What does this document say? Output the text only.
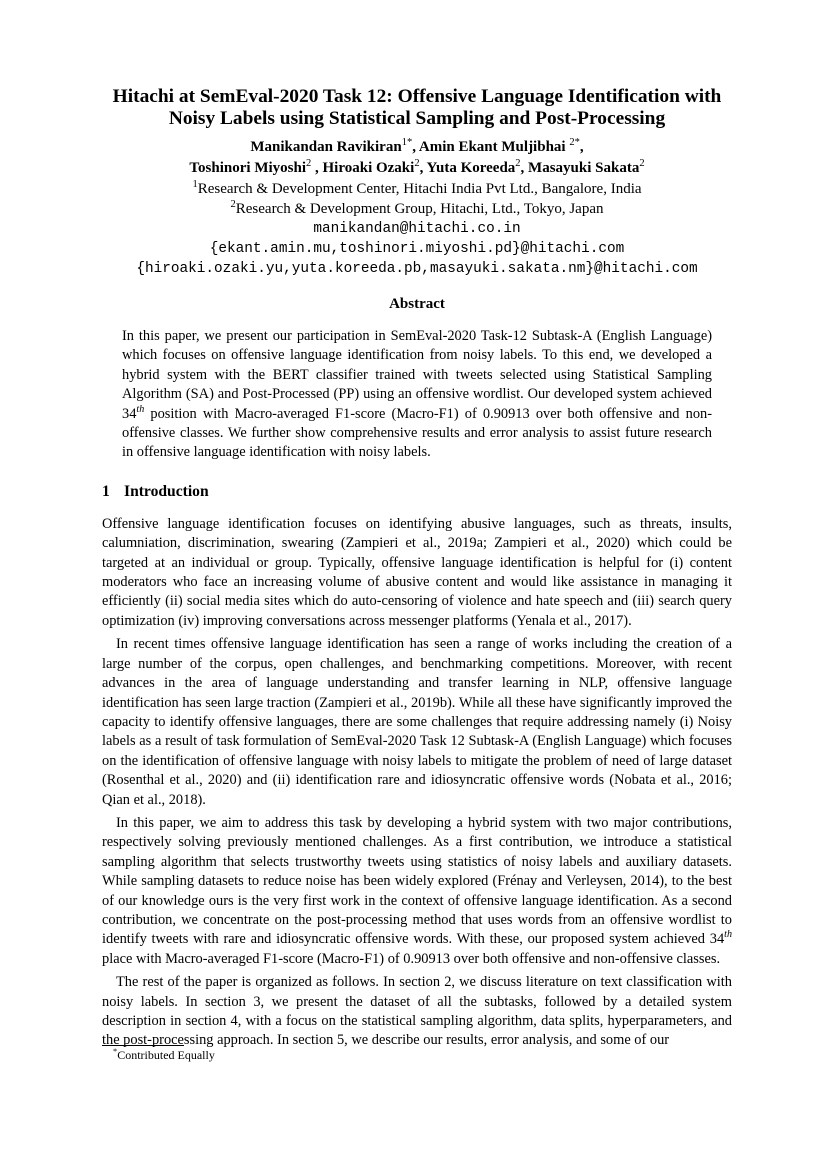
Hitachi at SemEval-2020 Task 12: Offensive Language Identification with
Noisy Labels using Statistical Sampling and Post-Processing
Manikandan Ravikiran$^{1*}$, Amin Ekant Muljibhai $^{2*}$,
Toshinori Miyoshi$^2$ , Hiroaki Ozaki$^2$, Yuta Koreeda$^2$, Masayuki Sakata$^2$
$^1$Research & Development Center, Hitachi India Pvt Ltd., Bangalore, India
$^2$Research & Development Group, Hitachi, Ltd., Tokyo, Japan
manikandan@hitachi.co.in
{ekant.amin.mu,toshinori.miyoshi.pd}@hitachi.com
{hiroaki.ozaki.yu,yuta.koreeda.pb,masayuki.sakata.nm}@hitachi.com
Abstract
In this paper, we present our participation in SemEval-2020 Task-12 Subtask-A (English Language) which focuses on offensive language identification from noisy labels. To this end, we developed a hybrid system with the BERT classifier trained with tweets selected using Statistical Sampling Algorithm (SA) and Post-Processed (PP) using an offensive wordlist. Our developed system achieved 34th position with Macro-averaged F1-score (Macro-F1) of 0.90913 over both offensive and non-offensive classes. We further show comprehensive results and error analysis to assist future research in offensive language identification with noisy labels.
1 Introduction

Offensive language identification focuses on identifying abusive languages, such as threats, insults, calumniation, discrimination, swearing (Zampieri et al., 2019a; Zampieri et al., 2020) which could be targeted at an individual or group. Typically, offensive language identification is helpful for (i) content moderators who face an increasing volume of abusive content and would like assistance in managing it efficiently (ii) social media sites which do auto-censoring of violence and hate speech and (iii) search query optimization (iv) improving conversations across messenger platforms (Yenala et al., 2017).

In recent times offensive language identification has seen a range of works including the creation of a large number of the corpus, open challenges, and benchmarking competitions. Moreover, with recent advances in the area of language understanding and transfer learning in NLP, offensive language identification has seen large traction (Zampieri et al., 2019b). While all these have significantly improved the capacity to identify offensive languages, there are some challenges that require addressing namely (i) Noisy labels as a result of task formulation of SemEval-2020 Task 12 Subtask-A (English Language) which focuses on the identification of offensive language with noisy labels to mitigate the problem of need of large dataset (Rosenthal et al., 2020) and (ii) identification rare and idiosyncratic offensive words (Nobata et al., 2016; Qian et al., 2018).

In this paper, we aim to address this task by developing a hybrid system with two major contributions, respectively solving previously mentioned challenges. As a first contribution, we introduce a statistical sampling algorithm that selects trustworthy tweets using statistics of noisy labels and auxiliary datasets. While sampling datasets to reduce noise has been widely explored (Frénay and Verleysen, 2014), to the best of our knowledge ours is the very first work in the context of offensive language identification. As a second contribution, we concentrate on the post-processing method that uses words from an offensive wordlist to identify tweets with rare and idiosyncratic offensive words. With these, our proposed system achieved 34th place with Macro-averaged F1-score (Macro-F1) of 0.90913 over both offensive and non-offensive classes.

The rest of the paper is organized as follows. In section 2, we discuss literature on text classification with noisy labels. In section 3, we present the dataset of all the subtasks, followed by a detailed system description in section 4, with a focus on the statistical sampling algorithm, data splits, hyperparameters, and the post-processing approach. In section 5, we describe our results, error analysis, and some of our

*Contributed Equally
